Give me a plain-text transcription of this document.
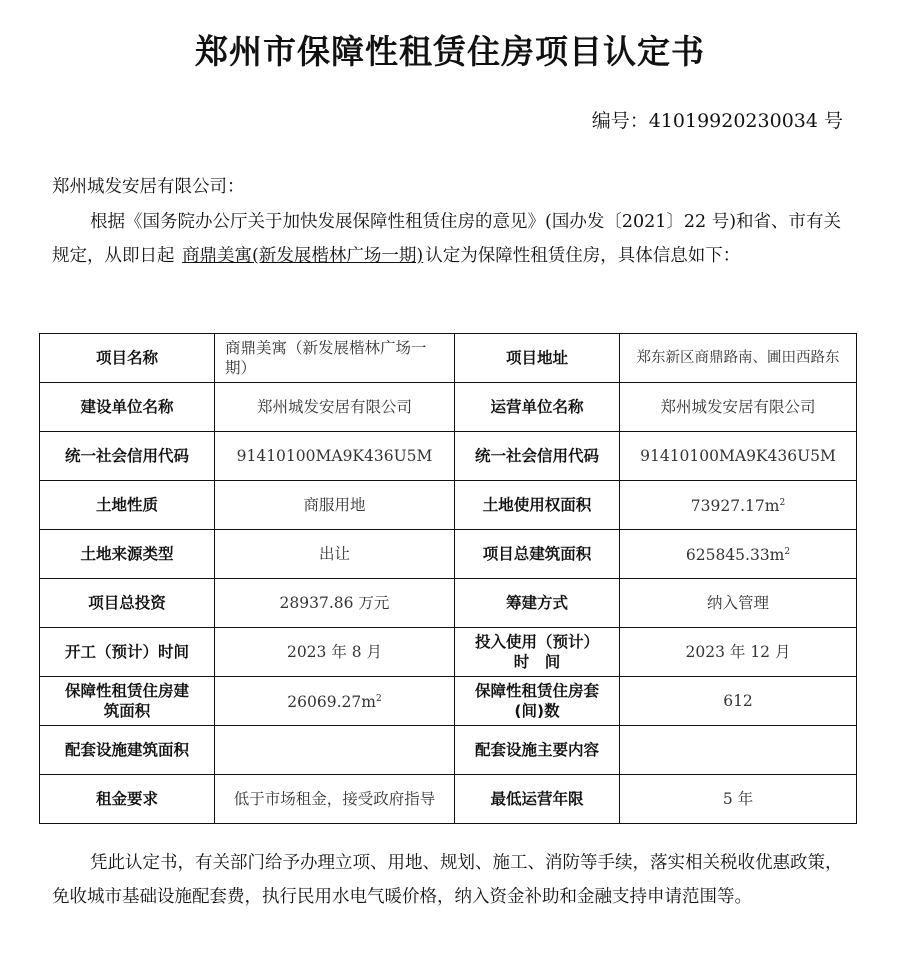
郑州市保障性租赁住房项目认定书
编号：41019920230034 号
郑州城发安居有限公司：
根据《国务院办公厅关于加快发展保障性租赁住房的意见》(国办发〔2021〕22 号)和省、市有关规定，从即日起 商鼎美寓(新发展楷林广场一期) 认定为保障性租赁住房，具体信息如下：
项目名称	商鼎美寓（新发展楷林广场一期）	项目地址	郑东新区商鼎路南、圃田西路东
建设单位名称	郑州城发安居有限公司	运营单位名称	郑州城发安居有限公司
统一社会信用代码	91410100MA9K436U5M	统一社会信用代码	91410100MA9K436U5M
土地性质	商服用地	土地使用权面积	$73927.17m^2$
土地来源类型	出让	项目总建筑面积	$625845.33m^2$
项目总投资	28937.86 万元	筹建方式	纳入管理
开工（预计）时间	2023 年 8 月	投入使用（预计）时　间	2023 年 12 月
保障性租赁住房建筑面积	$26069.27m^2$	保障性租赁住房套(间)数	612
配套设施建筑面积		配套设施主要内容	
租金要求	低于市场租金，接受政府指导	最低运营年限	5 年
凭此认定书，有关部门给予办理立项、用地、规划、施工、消防等手续，落实相关税收优惠政策，免收城市基础设施配套费，执行民用水电气暖价格，纳入资金补助和金融支持申请范围等。
